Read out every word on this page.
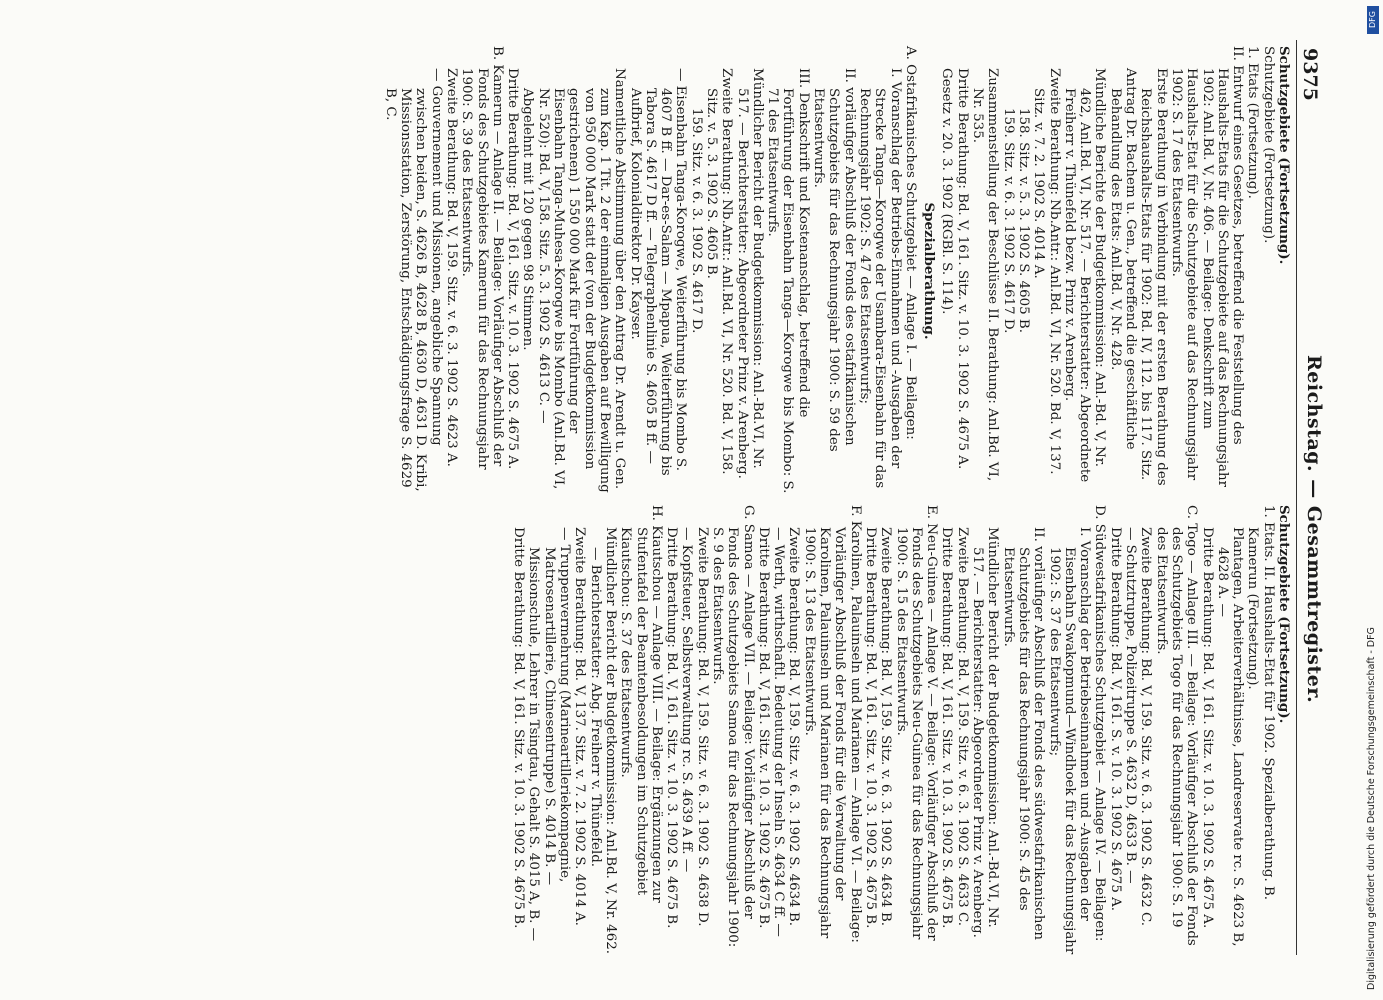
9375
Reichstag. — Gesammtregister.

Schutzgebiete (Fortsetzung).

Schutzgebiete (Fortsetzung).

1. Etats (Fortsetzung).

II. Entwurf eines Gesetzes, betreffend die Feststellung des Haushalts-Etats für die Schutzgebiete auf das Rechnungsjahr 1902: Anl.Bd. V, Nr. 406. — Beilage: Denkschrift zum Haushalts-Etat für die Schutzgebiete auf das Rechnungsjahr 1902: S. 17 des Etatsentwurfs.

Erste Berathung in Verbindung mit der ersten Berathung des Reichshaushalts-Etats für 1902: Bd. IV, 112. bis 117. Sitz.

Antrag Dr. Bachem u. Gen., betreffend die geschäftliche Behandlung des Etats: Anl.Bd. V, Nr. 428.

Mündliche Berichte der Budgetkommission: Anl.-Bd. V, Nr. 462, Anl.Bd. VI, Nr. 517. — Berichterstatter: Abgeordnete Freiherr v. Thünefeld bezw. Prinz v. Arenberg.

Zweite Berathung: Nb.Antr.: Anl.Bd. VI, Nr. 520. Bd. V, 137. Sitz. v. 7. 2. 1902 S. 4014 A.

158. Sitz. v. 5. 3. 1902 S. 4605 B.

159. Sitz. v. 6. 3. 1902 S. 4617 D.

Zusammenstellung der Beschlüsse II. Berathung: Anl.Bd. VI, Nr. 535.

Dritte Berathung: Bd. V, 161. Sitz. v. 10. 3. 1902 S. 4675 A.

Gesetz v. 20. 3. 1902 (RGBl. S. 114).

Spezialberathung.

A. Ostafrikanisches Schutzgebiet — Anlage I. — Beilagen:

I. Voranschlag der Betriebs-Einnahmen und -Ausgaben der Strecke Tanga—Korogwe der Usambara-Eisenbahn für das Rechnungsjahr 1902: S. 47 des Etatsentwurfs;

II. vorläufiger Abschluß der Fonds des ostafrikanischen Schutzgebiets für das Rechnungsjahr 1900: S. 59 des Etatsentwurfs.

III. Denkschrift und Kostenanschlag, betreffend die Fortführung der Eisenbahn Tanga—Korogwe bis Mombo: S. 71 des Etatsentwurfs.

Mündlicher Bericht der Budgetkommission: Anl.-Bd.VI, Nr. 517. — Berichterstatter: Abgeordneter Prinz v. Arenberg.

Zweite Berathung: Nb.Antr.: Anl.Bd. VI, Nr. 520. Bd. V, 158. Sitz. v. 5. 3. 1902 S. 4605 B.

159. Sitz. v. 6. 3. 1902 S. 4617 D.

— Eisenbahn Tanga-Korogwe, Weiterführung bis Mombo S. 4607 B ff. — Dar-es-Salam — Mpapua, Weiterführung bis Tabora S. 4617 D ff. — Telegraphenlinie S. 4605 B ff. — Aufbrief, Kolonialdirektor Dr. Kayser.

Namentliche Abstimmung über den Antrag Dr. Arendt u. Gen. zum Kap. 1 Tit. 2 der einmaligen Ausgaben auf Bewilligung von 950 000 Mark statt der (von der Budgetkommission gestrichenen) 1 550 000 Mark für Fortführung der Eisenbahn Tanga-Muhesa-Korogwe bis Mombo (Anl.Bd. VI, Nr. 520): Bd. V, 158. Sitz. 5. 3. 1902 S. 4613 C. — Abgelehnt mit 120 gegen 98 Stimmen.

Dritte Berathung: Bd. V, 161. Sitz. v. 10. 3. 1902 S. 4675 A.

B. Kamerun — Anlage II. — Beilage: Vorläufiger Abschluß der Fonds des Schutzgebietes Kamerun für das Rechnungsjahr 1900: S. 39 des Etatsentwurfs.

Zweite Berathung: Bd. V, 159. Sitz. v. 6. 3. 1902 S. 4623 A.

— Gouvernement und Missionen, angebliche Spannung zwischen beiden, S. 4626 B, 4628 B, 4630 D, 4631 D. Kribi, Missionsstation, Zerstörung, Entschädigungsfrage S. 4629 B, C.

Schutzgebiete (Fortsetzung).

1. Etats. II. Haushalts-Etat für 1902. Spezialberathung. B. Kamerun (Fortsetzung).

Plantagen, Arbeiterverhältnisse, Landreservate rc. S. 4623 B, 4628 A. —

Dritte Berathung: Bd. V, 161. Sitz. v. 10. 3. 1902 S. 4675 A.

C. Togo — Anlage III. — Beilage: Vorläufiger Abschluß der Fonds des Schutzgebiets Togo für das Rechnungsjahr 1900: S. 19 des Etatsentwurfs.

Zweite Berathung: Bd. V, 159. Sitz. v. 6. 3. 1902 S. 4632 C.

— Schutztruppe, Polizeitruppe S. 4632 D, 4633 B. —

Dritte Berathung: Bd. V, 161. S. v. 10. 3. 1902 S. 4675 A.

D. Südwestafrikanisches Schutzgebiet — Anlage IV. — Beilagen:

I. Voranschlag der Betriebseinnahmen und -Ausgaben der Eisenbahn Swakopmund—Windhoek für das Rechnungsjahr 1902: S. 37 des Etatsentwurfs;

II. vorläufiger Abschluß der Fonds des südwestafrikanischen Schutzgebiets für das Rechnungsjahr 1900: S. 45 des Etatsentwurfs.

Mündlicher Bericht der Budgetkommission: Anl.-Bd.VI, Nr. 517. — Berichterstatter: Abgeordneter Prinz v. Arenberg.

Zweite Berathung: Bd. V, 159. Sitz. v. 6. 3. 1902 S. 4633 C.

Dritte Berathung: Bd. V, 161. Sitz. v. 10. 3. 1902 S. 4675 B.

E. Neu-Guinea — Anlage V. — Beilage: Vorläufiger Abschluß der Fonds des Schutzgebiets Neu-Guinea für das Rechnungsjahr 1900: S. 15 des Etatsentwurfs.

Zweite Berathung: Bd. V, 159. Sitz. v. 6. 3. 1902 S. 4634 B.

Dritte Berathung: Bd. V, 161. Sitz. v. 10. 3. 1902 S. 4675 B.

F. Karolinen, Palauinseln und Marianen — Anlage VI. — Beilage: Vorläufiger Abschluß der Fonds für die Verwaltung der Karolinen, Palauinseln und Marianen für das Rechnungsjahr 1900: S. 13 des Etatsentwurfs.

Zweite Berathung: Bd. V, 159. Sitz. v. 6. 3. 1902 S. 4634 B.

— Werth, wirthschaftl. Bedeutung der Inseln S. 4634 C ff. —

Dritte Berathung: Bd. V, 161. Sitz. v. 10. 3. 1902 S. 4675 B.

G. Samoa — Anlage VII. — Beilage: Vorläufiger Abschluß der Fonds des Schutzgebiets Samoa für das Rechnungsjahr 1900: S. 9 des Etatsentwurfs.

Zweite Berathung: Bd. V, 159. Sitz. v. 6. 3. 1902 S. 4638 D.

— Kopfsteuer, Selbstverwaltung rc. S. 4639 A ff. —

Dritte Berathung: Bd. V, 161. Sitz. v. 10. 3. 1902 S. 4675 B.

H. Kiautschou — Anlage VIII. — Beilage: Ergänzungen zur Stufentafel der Beamtenbesoldungen im Schutzgebiet Kiautschou: S. 37 des Etatsentwurfs.

Mündlicher Bericht der Budgetkommission: Anl.Bd. V, Nr. 462. — Berichterstatter: Abg. Freiherr v. Thünefeld.

Zweite Berathung: Bd. V, 137. Sitz. v. 7. 2. 1902 S. 4014 A.

— Truppenvermehrung (Marineartilleriekompagnie, Matrosenartillerie, Chinesentruppe) S. 4014 B. — Missionschule, Lehrer in Tsingtau, Gehalt S. 4015 A, B. —

Dritte Berathung: Bd. V, 161. Sitz. v. 10. 3. 1902 S. 4675 B.

DFG
Digitalisierung gefördert durch die Deutsche Forschungsgemeinschaft - DFG
